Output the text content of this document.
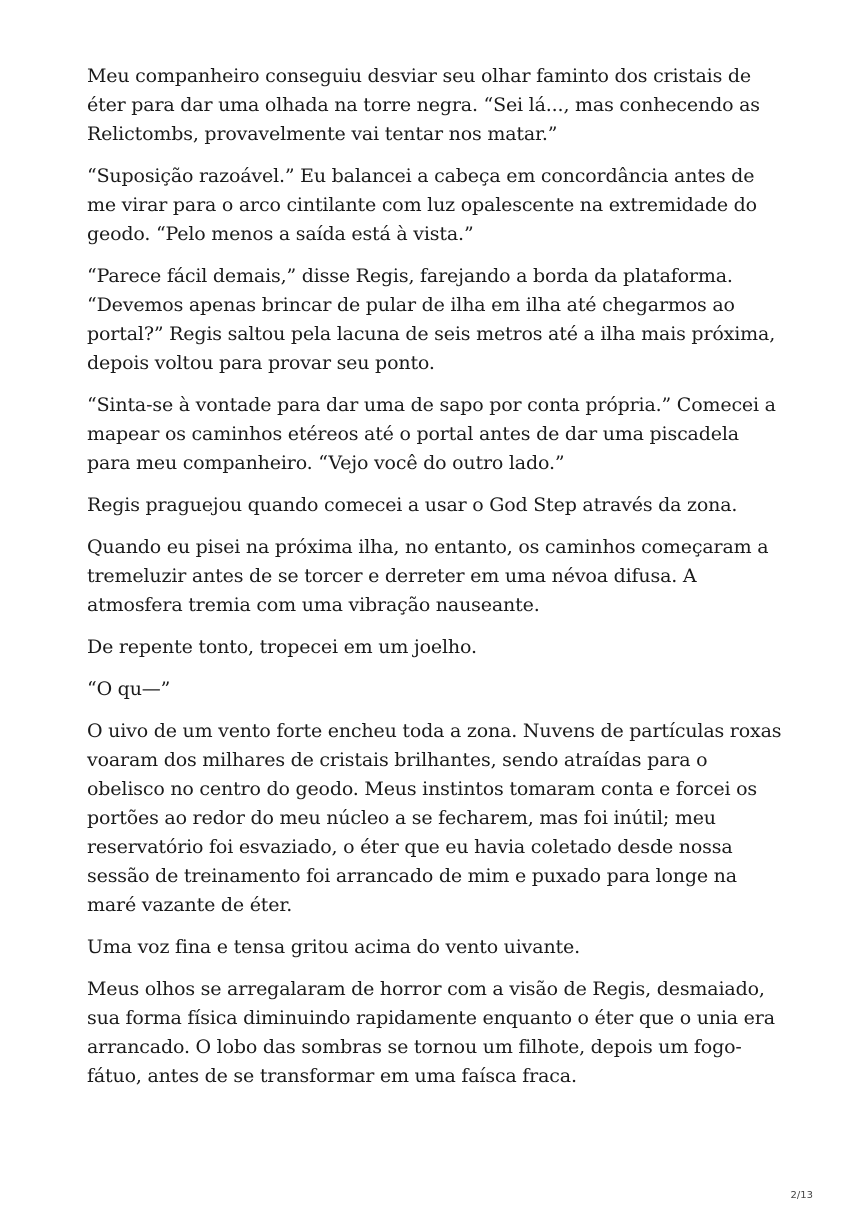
Meu companheiro conseguiu desviar seu olhar faminto dos cristais de éter para dar uma olhada na torre negra. “Sei lá..., mas conhecendo as Relictombs, provavelmente vai tentar nos matar.”

“Suposição razoável.” Eu balancei a cabeça em concordância antes de me virar para o arco cintilante com luz opalescente na extremidade do geodo. “Pelo menos a saída está à vista.”

“Parece fácil demais,” disse Regis, farejando a borda da plataforma. “Devemos apenas brincar de pular de ilha em ilha até chegarmos ao portal?” Regis saltou pela lacuna de seis metros até a ilha mais próxima, depois voltou para provar seu ponto.

“Sinta-se à vontade para dar uma de sapo por conta própria.” Comecei a mapear os caminhos etéreos até o portal antes de dar uma piscadela para meu companheiro. “Vejo você do outro lado.”

Regis praguejou quando comecei a usar o God Step através da zona.

Quando eu pisei na próxima ilha, no entanto, os caminhos começaram a tremeluzir antes de se torcer e derreter em uma névoa difusa. A atmosfera tremia com uma vibração nauseante.

De repente tonto, tropecei em um joelho.

“O qu—”

O uivo de um vento forte encheu toda a zona. Nuvens de partículas roxas voaram dos milhares de cristais brilhantes, sendo atraídas para o obelisco no centro do geodo. Meus instintos tomaram conta e forcei os portões ao redor do meu núcleo a se fecharem, mas foi inútil; meu reservatório foi esvaziado, o éter que eu havia coletado desde nossa sessão de treinamento foi arrancado de mim e puxado para longe na maré vazante de éter.

Uma voz fina e tensa gritou acima do vento uivante.

Meus olhos se arregalaram de horror com a visão de Regis, desmaiado, sua forma física diminuindo rapidamente enquanto o éter que o unia era arrancado. O lobo das sombras se tornou um filhote, depois um fogo-fátuo, antes de se transformar em uma faísca fraca.

2/13
